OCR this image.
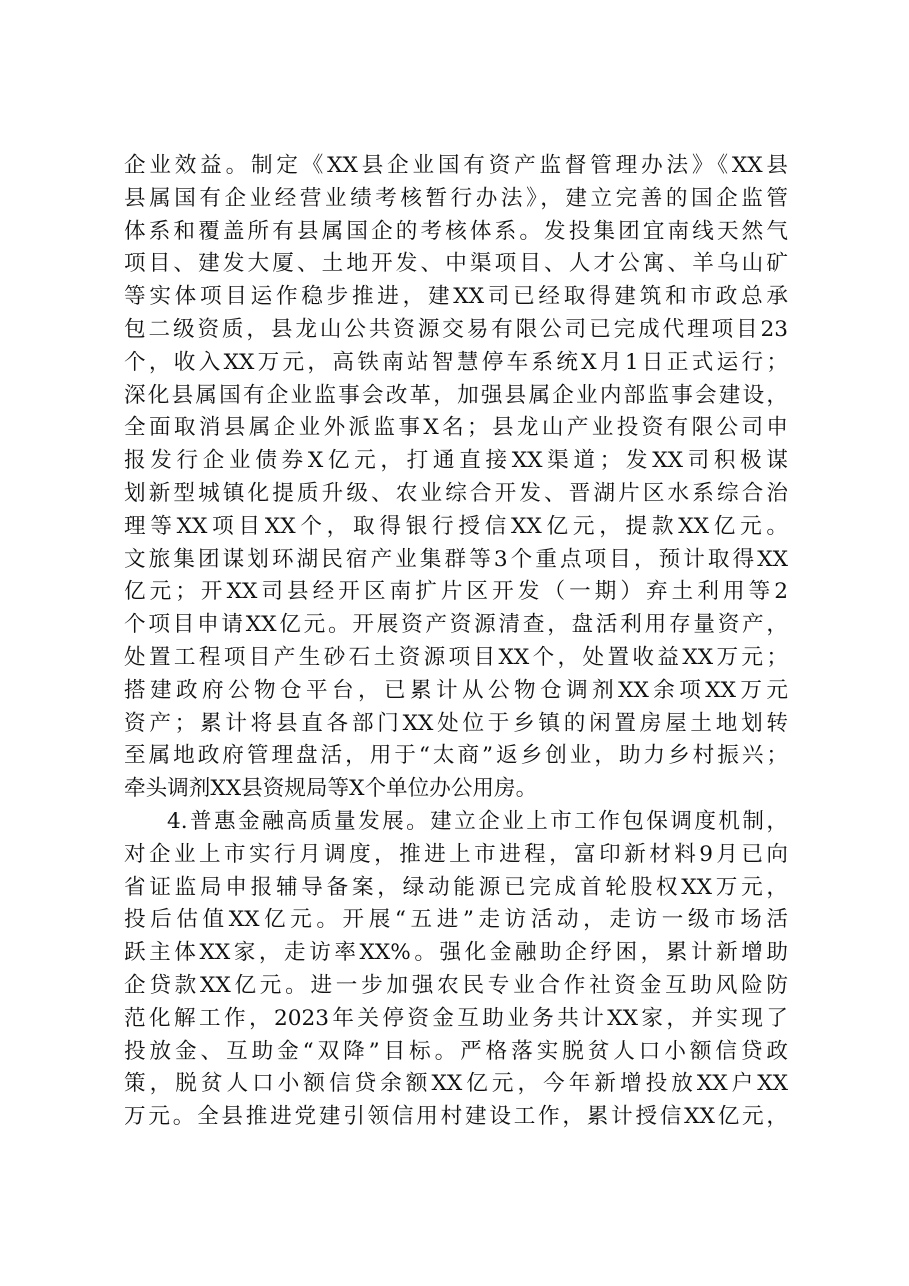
企业效益。制定《XX县企业国有资产监督管理办法》《XX县
县属国有企业经营业绩考核暂行办法》，建立完善的国企监管
体系和覆盖所有县属国企的考核体系。发投集团宜南线天然气
项目、建发大厦、土地开发、中渠项目、人才公寓、羊乌山矿
等实体项目运作稳步推进，建XX司已经取得建筑和市政总承
包二级资质，县龙山公共资源交易有限公司已完成代理项目23
个，收入XX万元，高铁南站智慧停车系统X月1日正式运行；
深化县属国有企业监事会改革，加强县属企业内部监事会建设，
全面取消县属企业外派监事X名；县龙山产业投资有限公司申
报发行企业债券X亿元，打通直接XX渠道；发XX司积极谋
划新型城镇化提质升级、农业综合开发、晋湖片区水系综合治
理等XX项目XX个，取得银行授信XX亿元，提款XX亿元。
文旅集团谋划环湖民宿产业集群等3个重点项目，预计取得XX
亿元；开XX司县经开区南扩片区开发（一期）弃土利用等2
个项目申请XX亿元。开展资产资源清查，盘活利用存量资产，
处置工程项目产生砂石土资源项目XX个，处置收益XX万元；
搭建政府公物仓平台，已累计从公物仓调剂XX余项XX万元
资产；累计将县直各部门XX处位于乡镇的闲置房屋土地划转
至属地政府管理盘活，用于“太商”返乡创业，助力乡村振兴；
牵头调剂XX县资规局等X个单位办公用房。
4.普惠金融高质量发展。建立企业上市工作包保调度机制，
对企业上市实行月调度，推进上市进程，富印新材料9月已向
省证监局申报辅导备案，绿动能源已完成首轮股权XX万元，
投后估值XX亿元。开展“五进”走访活动，走访一级市场活
跃主体XX家，走访率XX%。强化金融助企纾困，累计新增助
企贷款XX亿元。进一步加强农民专业合作社资金互助风险防
范化解工作，2023年关停资金互助业务共计XX家，并实现了
投放金、互助金“双降”目标。严格落实脱贫人口小额信贷政
策，脱贫人口小额信贷余额XX亿元，今年新增投放XX户XX
万元。全县推进党建引领信用村建设工作，累计授信XX亿元，
